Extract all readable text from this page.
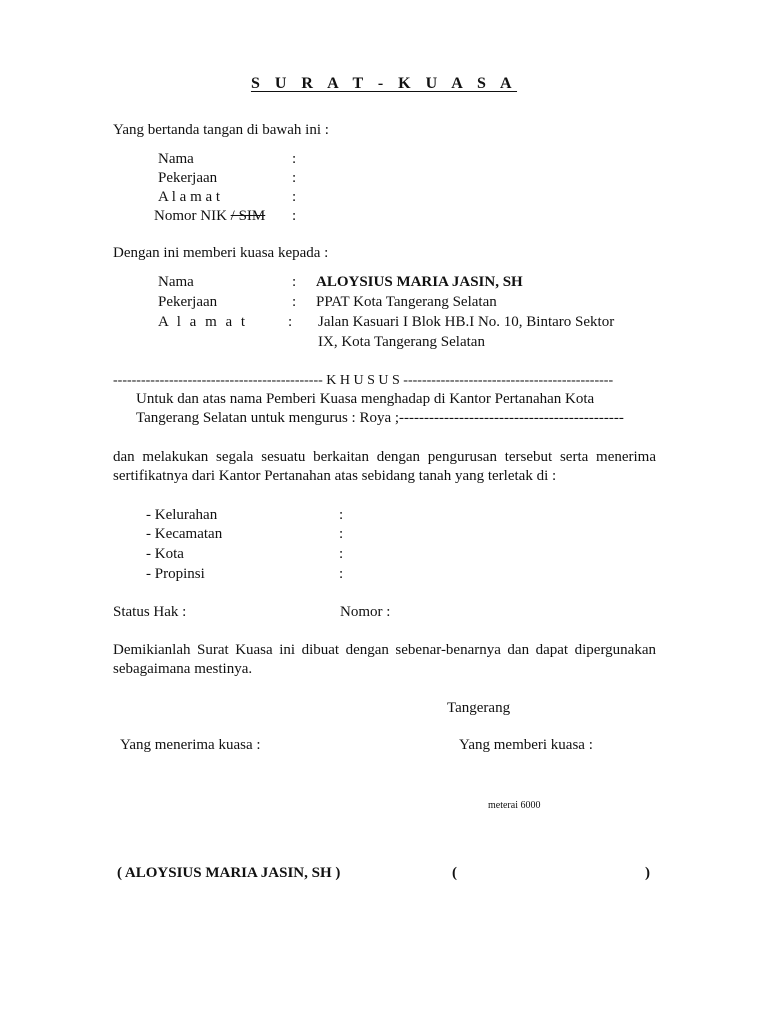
S U R A T - K U A S A
Yang bertanda tangan di bawah ini :
Nama	:
Pekerjaan	:
A l a m a t	:
Nomor NIK / SIM :
Dengan ini memberi kuasa kepada :
Nama	: ALOYSIUS MARIA JASIN, SH
Pekerjaan	: PPAT Kota Tangerang Selatan
A l a m a t	: Jalan Kasuari I Blok HB.I No. 10, Bintaro Sektor
IX, Kota Tangerang Selatan
--------------------------------------------- K H U S U S ---------------------------------------------
Untuk dan atas nama Pemberi Kuasa menghadap di Kantor Pertanahan Kota
Tangerang Selatan untuk mengurus : Roya ;---------------------------------------------
dan melakukan segala sesuatu berkaitan dengan pengurusan tersebut serta menerima sertifikatnya dari Kantor Pertanahan atas sebidang tanah yang terletak di :
- Kelurahan	:
- Kecamatan	:
- Kota	:
- Propinsi	:
Status Hak :	Nomor :
Demikianlah Surat Kuasa ini dibuat dengan sebenar-benarnya dan dapat dipergunakan sebagaimana mestinya.
Tangerang
Yang menerima kuasa :	Yang memberi kuasa :
meterai 6000
( ALOYSIUS MARIA JASIN, SH )	(	)
